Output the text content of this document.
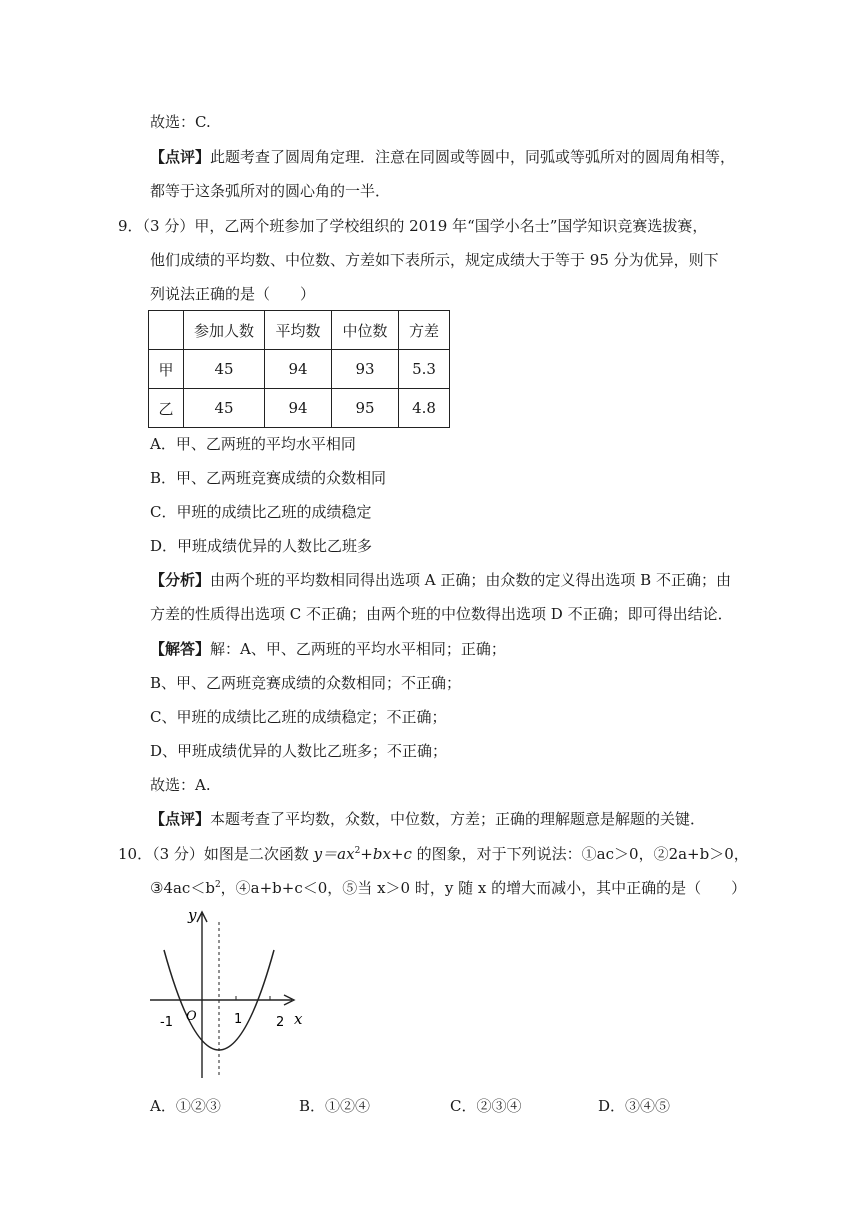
故选：C.
【点评】此题考查了圆周角定理．注意在同圆或等圆中，同弧或等弧所对的圆周角相等，
都等于这条弧所对的圆心角的一半．
9．（3 分）甲，乙两个班参加了学校组织的 2019 年“国学小名士”国学知识竞赛选拔赛，
他们成绩的平均数、中位数、方差如下表所示，规定成绩大于等于 95 分为优异，则下
列说法正确的是（　　）
	参加人数	平均数	中位数	方差
甲	45	94	93	5.3
乙	45	94	95	4.8
A．甲、乙两班的平均水平相同
B．甲、乙两班竞赛成绩的众数相同
C．甲班的成绩比乙班的成绩稳定
D．甲班成绩优异的人数比乙班多
【分析】由两个班的平均数相同得出选项 A 正确；由众数的定义得出选项 B 不正确；由
方差的性质得出选项 C 不正确；由两个班的中位数得出选项 D 不正确；即可得出结论．
【解答】解：A、甲、乙两班的平均水平相同；正确；
B、甲、乙两班竞赛成绩的众数相同；不正确；
C、甲班的成绩比乙班的成绩稳定；不正确；
D、甲班成绩优异的人数比乙班多；不正确；
故选：A.
【点评】本题考查了平均数，众数，中位数，方差；正确的理解题意是解题的关键．
10．（3 分）如图是二次函数 $y=ax^2+bx+c$ 的图象，对于下列说法：①ac＞0，②2a+b＞0，
$③4ac<b^2$，④a+b+c＜0，⑤当 x＞0 时，y 随 x 的增大而减小，其中正确的是（　　）
y
x
O
-1	1	2
A．①②③	B．①②④	C．②③④	D．③④⑤
